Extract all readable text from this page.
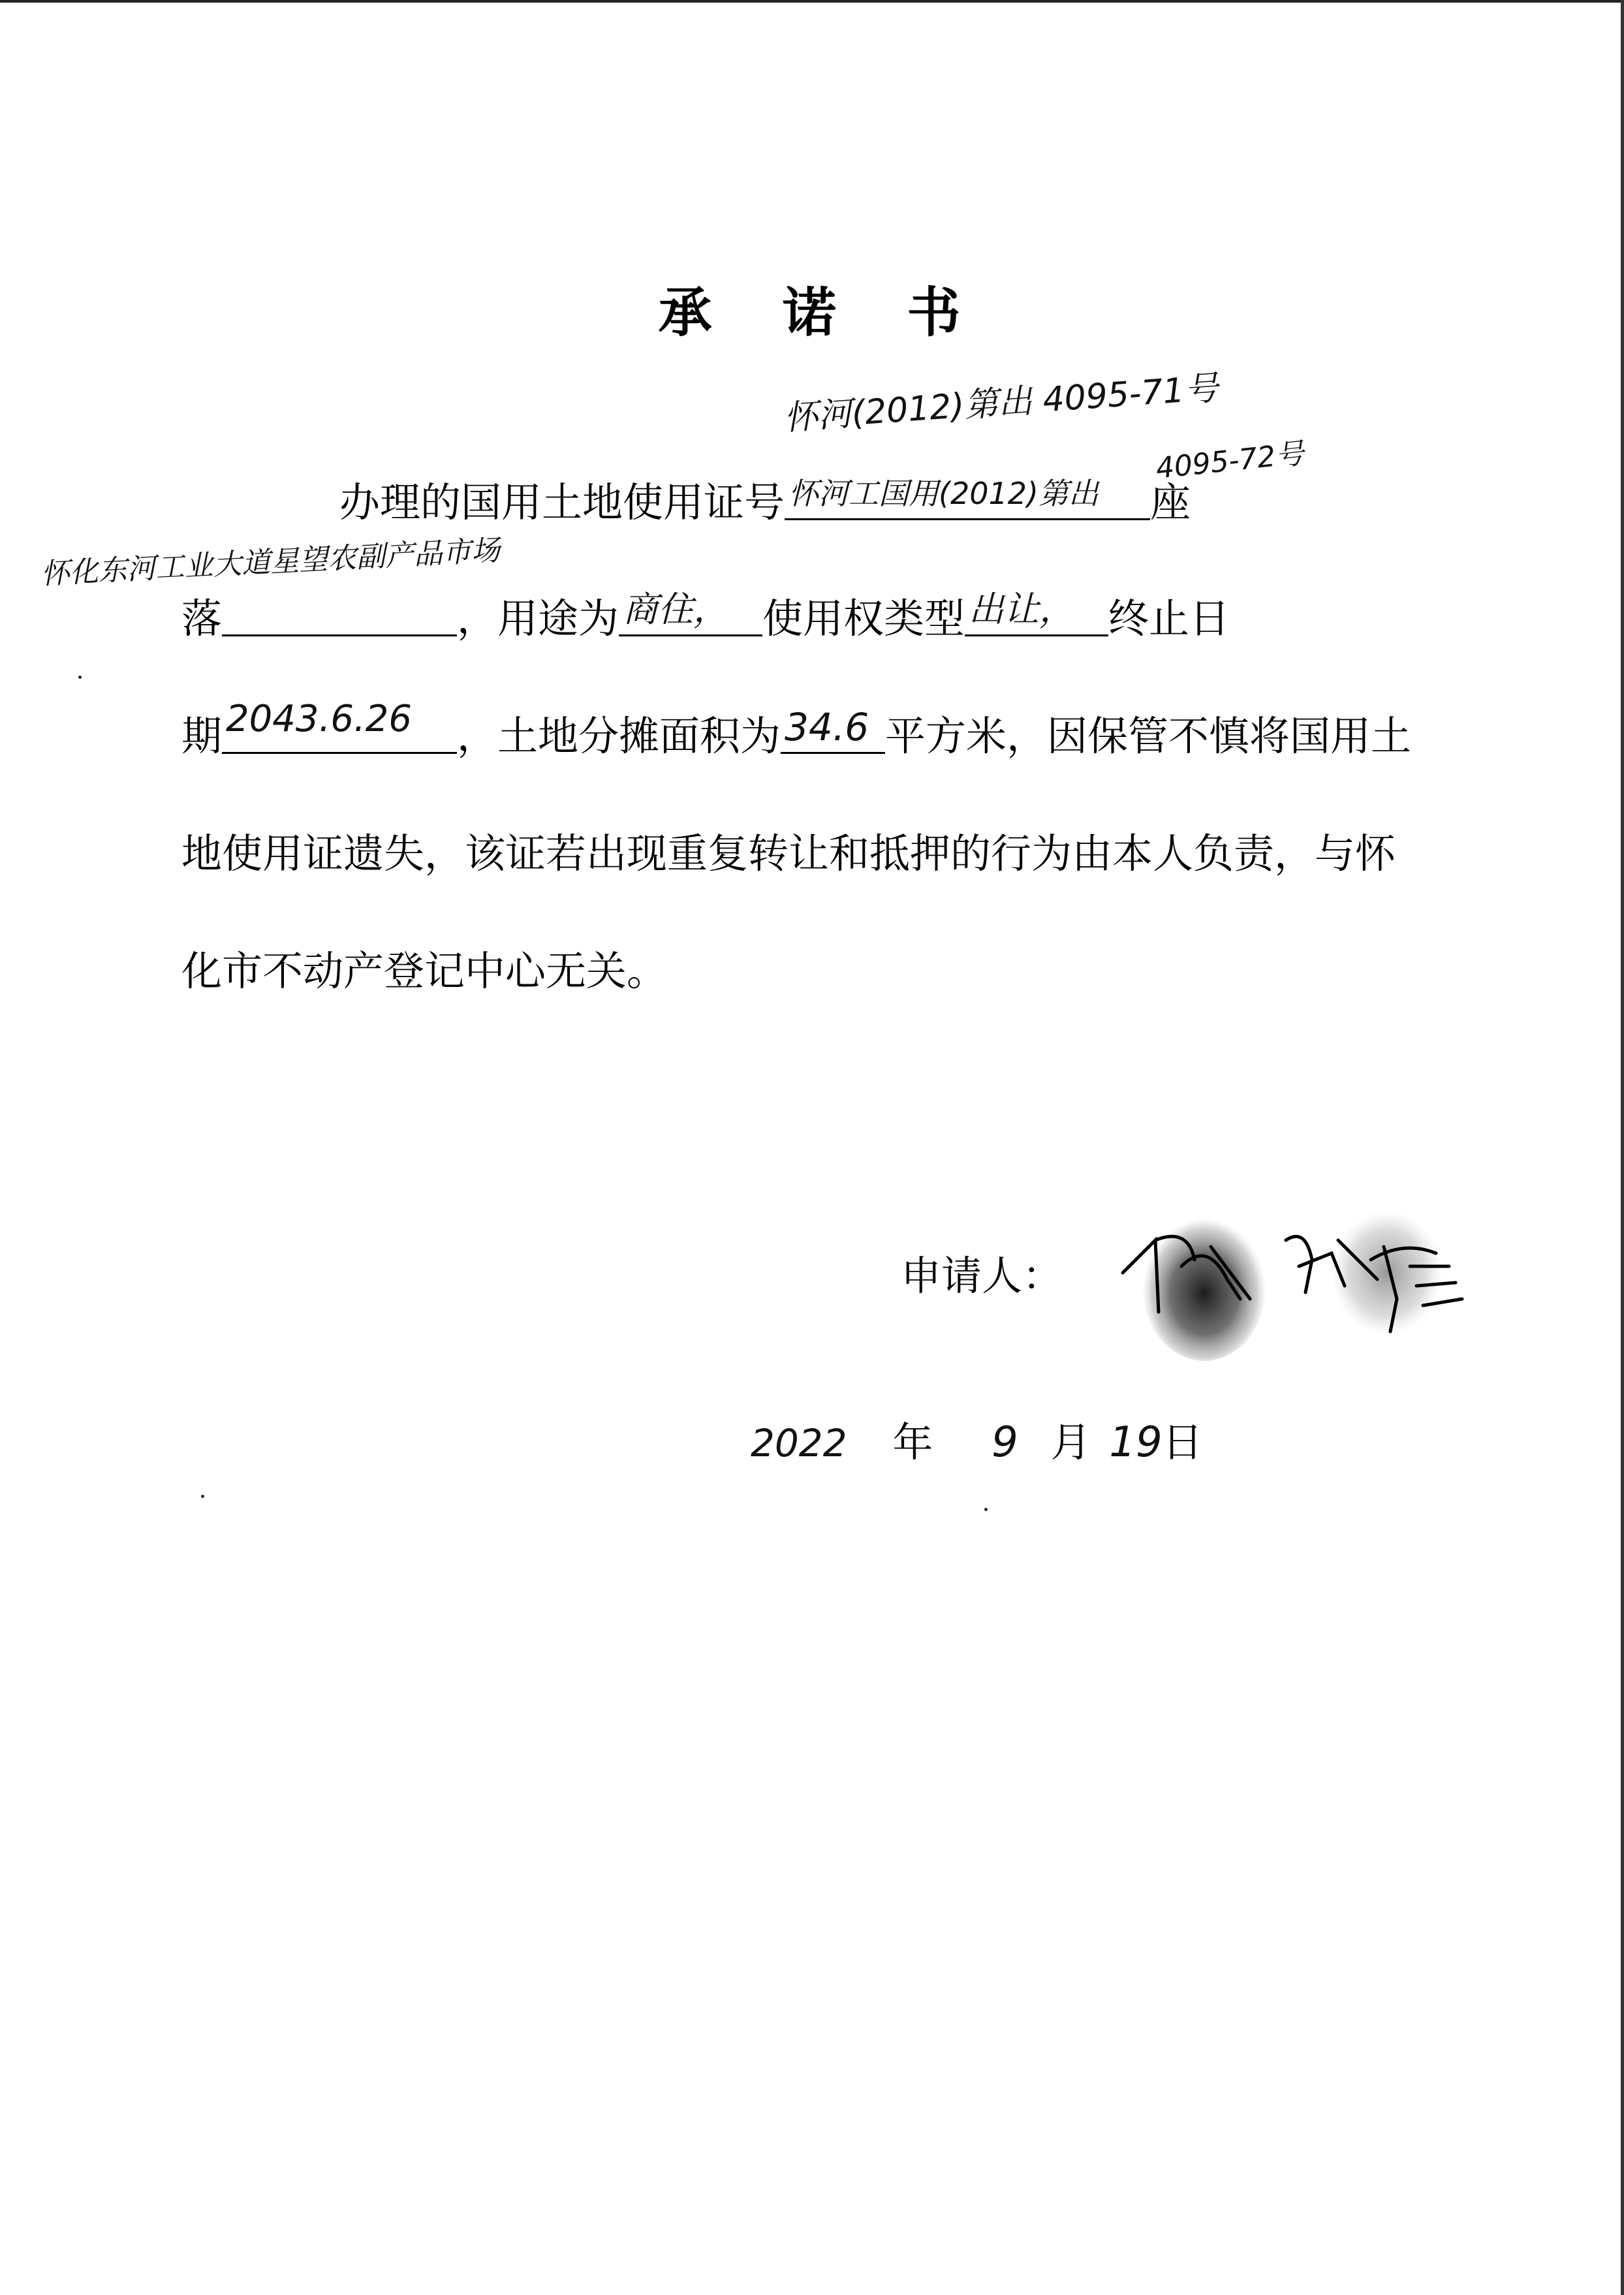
承 诺 书
怀河(2012)第出 4095-71号
4095-72号
办理的国用土地使用证号 怀河工国用(2012)第出 座
怀化东河工业大道星望农副产品市场
落	，用途为 商住， 使用权类型 出让， 终止日
期 2043.6.26 ，土地分摊面积为 34.6 平方米，因保管不慎将国用土
地使用证遗失，该证若出现重复转让和抵押的行为由本人负责，与怀
化市不动产登记中心无关。
申请人：
2022 年 9 月 19日
